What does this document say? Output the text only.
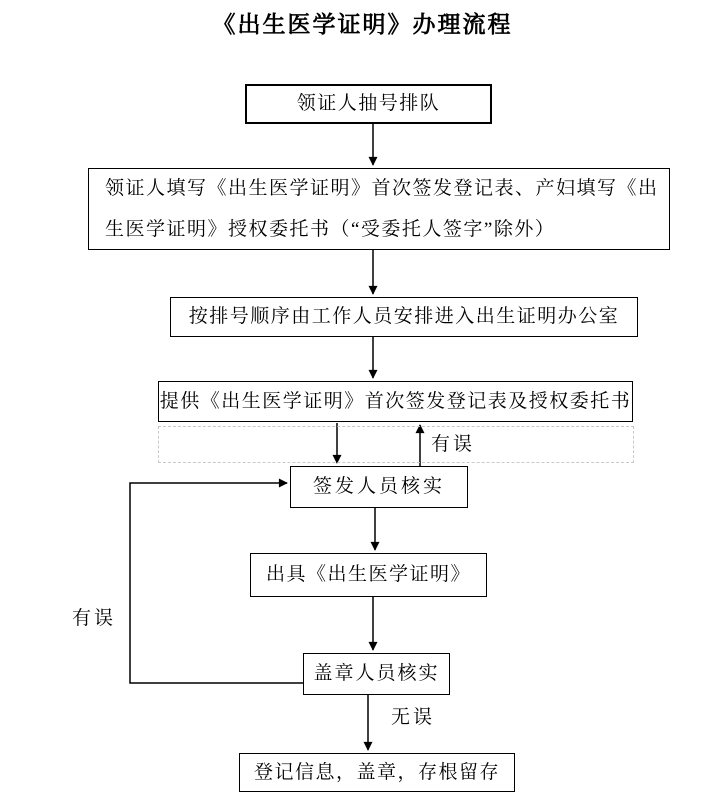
《出生医学证明》办理流程
领证人抽号排队
领证人填写《出生医学证明》首次签发登记表、产妇填写《出
生医学证明》授权委托书（“受委托人签字”除外）
按排号顺序由工作人员安排进入出生证明办公室
提供《出生医学证明》首次签发登记表及授权委托书
签发人员核实
出具《出生医学证明》
盖章人员核实
登记信息，盖章，存根留存
有误
有误
无误
